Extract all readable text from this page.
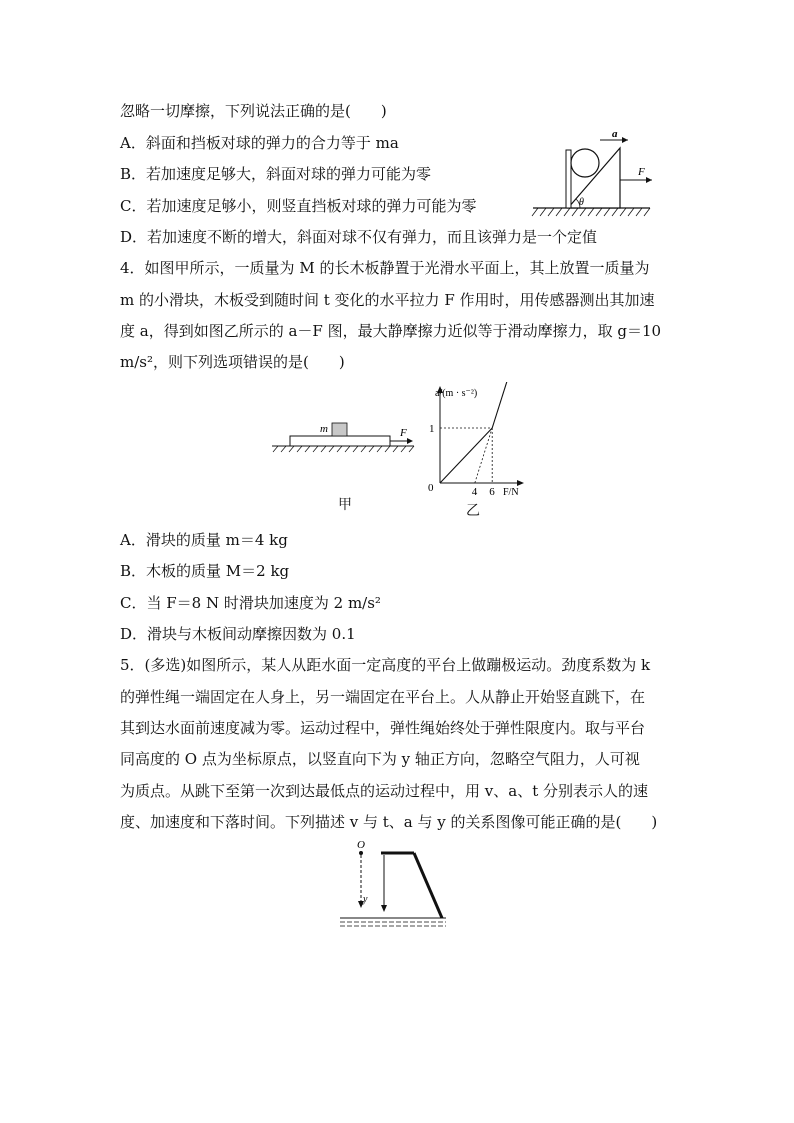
忽略一切摩擦，下列说法正确的是(　　)
A．斜面和挡板对球的弹力的合力等于 ma
B．若加速度足够大，斜面对球的弹力可能为零
C．若加速度足够小，则竖直挡板对球的弹力可能为零
D．若加速度不断的增大，斜面对球不仅有弹力，而且该弹力是一个定值
θ
a
F
4．如图甲所示，一质量为 M 的长木板静置于光滑水平面上，其上放置一质量为
m 的小滑块，木板受到随时间 t 变化的水平拉力 F 作用时，用传感器测出其加速
度 a，得到如图乙所示的 a－F 图，最大静摩擦力近似等于滑动摩擦力，取 g＝10
m/s²，则下列选项错误的是(　　)
m	F
甲
a/(m · s⁻²)
F/N
0
1
4 6
乙
A．滑块的质量 m＝4 kg
B．木板的质量 M＝2 kg
C．当 F＝8 N 时滑块加速度为 2 m/s²
D．滑块与木板间动摩擦因数为 0.1
5．(多选)如图所示，某人从距水面一定高度的平台上做蹦极运动。劲度系数为 k
的弹性绳一端固定在人身上，另一端固定在平台上。人从静止开始竖直跳下，在
其到达水面前速度减为零。运动过程中，弹性绳始终处于弹性限度内。取与平台
同高度的 O 点为坐标原点，以竖直向下为 y 轴正方向，忽略空气阻力，人可视
为质点。从跳下至第一次到达最低点的运动过程中，用 v、a、t 分别表示人的速
度、加速度和下落时间。下列描述 v 与 t、a 与 y 的关系图像可能正确的是(　　)
O
y
